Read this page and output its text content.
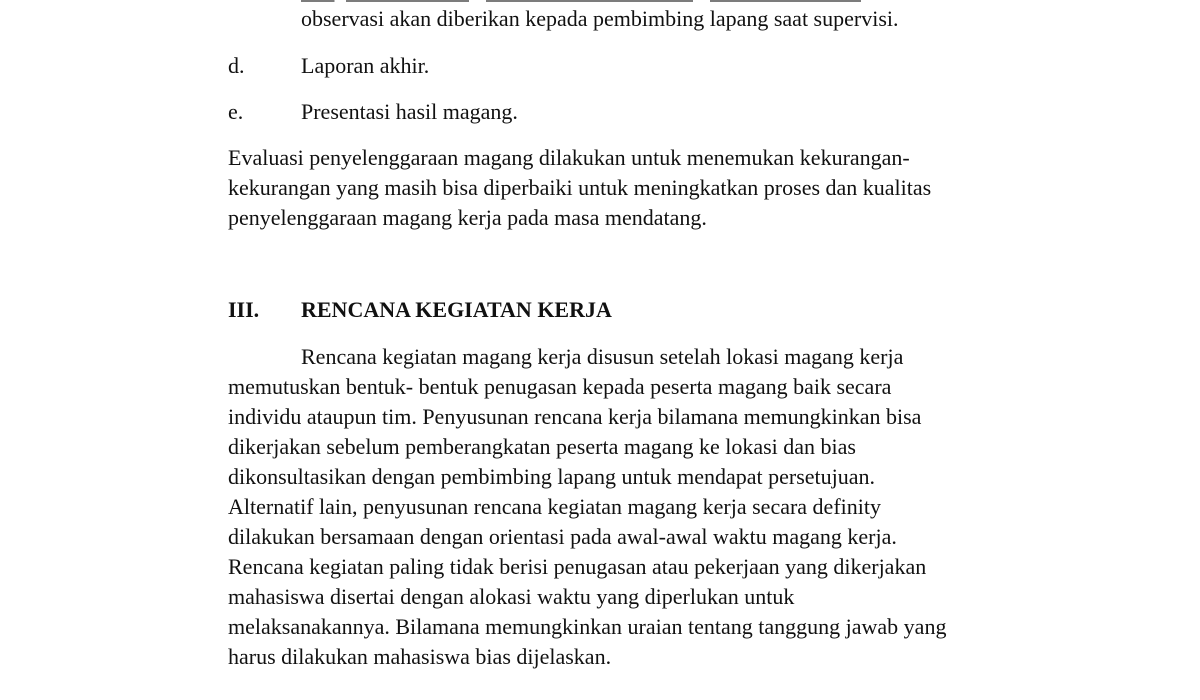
observasi akan diberikan kepada pembimbing lapang saat supervisi.
d.	Laporan akhir.
e.	Presentasi hasil magang.
Evaluasi penyelenggaraan magang dilakukan untuk menemukan kekurangan-
kekurangan yang masih bisa diperbaiki untuk meningkatkan proses dan kualitas
penyelenggaraan magang kerja pada masa mendatang.
III. RENCANA KEGIATAN KERJA
Rencana kegiatan magang kerja disusun setelah lokasi magang kerja
memutuskan bentuk- bentuk penugasan kepada peserta magang baik secara
individu ataupun tim. Penyusunan rencana kerja bilamana memungkinkan bisa
dikerjakan sebelum pemberangkatan peserta magang ke lokasi dan bias
dikonsultasikan dengan pembimbing lapang untuk mendapat persetujuan.
Alternatif lain, penyusunan rencana kegiatan magang kerja secara definity
dilakukan bersamaan dengan orientasi pada awal-awal waktu magang kerja.
Rencana kegiatan paling tidak berisi penugasan atau pekerjaan yang dikerjakan
mahasiswa disertai dengan alokasi waktu yang diperlukan untuk
melaksanakannya. Bilamana memungkinkan uraian tentang tanggung jawab yang
harus dilakukan mahasiswa bias dijelaskan.
